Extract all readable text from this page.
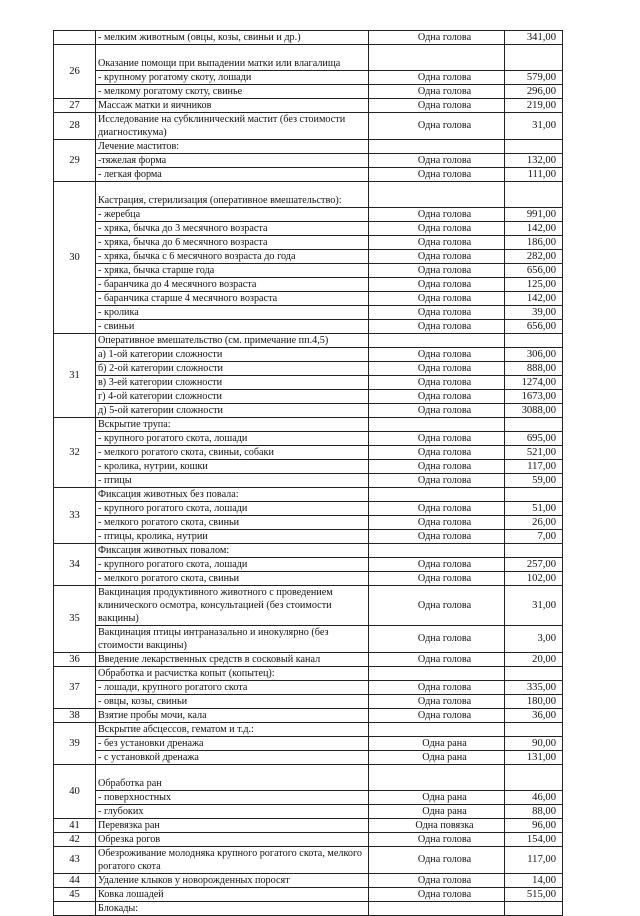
	- мелким животным (овцы, козы, свиньи и др.)	Одна голова	341,00
26	Оказание помощи при выпадении матки или влагалища		
	- крупному рогатому скоту, лошади	Одна голова	579,00
	- мелкому рогатому скоту, свинье	Одна голова	296,00
27	Массаж матки и яичников	Одна голова	219,00
28	Исследование на субклинический мастит (без стоимости диагностикума)	Одна голова	31,00
29	Лечение маститов:		
	-тяжелая форма	Одна голова	132,00
	- легкая форма	Одна голова	111,00
30	Кастрация, стерилизация (оперативное вмешательство):		
	- жеребца	Одна голова	991,00
	- хряка, бычка до 3 месячного возраста	Одна голова	142,00
	- хряка, бычка до 6 месячного возраста	Одна голова	186,00
	- хряка, бычка с 6 месячного возраста до года	Одна голова	282,00
	- хряка, бычка старше года	Одна голова	656,00
	- баранчика до 4 месячного возраста	Одна голова	125,00
	- баранчика старше 4 месячного возраста	Одна голова	142,00
	- кролика	Одна голова	39,00
	- свиньи	Одна голова	656,00
31	Оперативное вмешательство (см. примечание пп.4,5)		
	а) 1-ой категории сложности	Одна голова	306,00
	б) 2-ой категории сложности	Одна голова	888,00
	в) 3-ей категории сложности	Одна голова	1274,00
	г) 4-ой категории сложности	Одна голова	1673,00
	д) 5-ой категории сложности	Одна голова	3088,00
32	Вскрытие трупа:		
	- крупного рогатого скота, лошади	Одна голова	695,00
	- мелкого рогатого скота, свиньи, собаки	Одна голова	521,00
	- кролика, нутрии, кошки	Одна голова	117,00
	- птицы	Одна голова	59,00
33	Фиксация животных без повала:		
	- крупного рогатого скота, лошади	Одна голова	51,00
	- мелкого рогатого скота, свиньи	Одна голова	26,00
	- птицы, кролика, нутрии	Одна голова	7,00
34	Фиксация животных повалом:		
	- крупного рогатого скота, лошади	Одна голова	257,00
	- мелкого рогатого скота, свиньи	Одна голова	102,00
35	Вакцинация продуктивного животного с проведением клинического осмотра, консультацией (без стоимости вакцины)	Одна голова	31,00
	Вакцинация птицы интраназально и инокулярно (без стоимости вакцины)	Одна голова	3,00
36	Введение лекарственных средств в сосковый канал	Одна голова	20,00
37	Обработка и расчистка копыт (копытец):		
	- лошади, крупного рогатого скота	Одна голова	335,00
	- овцы, козы, свиньи	Одна голова	180,00
38	Взятие пробы мочи, кала	Одна голова	36,00
39	Вскрытие абсцессов, гематом и т.д.:		
	- без установки дренажа	Одна рана	90,00
	- с установкой дренажа	Одна рана	131,00
40	Обработка ран		
	- поверхностных	Одна рана	46,00
	- глубоких	Одна рана	88,00
41	Перевязка ран	Одна повязка	96,00
42	Обрезка рогов	Одна голова	154,00
43	Обезроживание молодняка крупного рогатого скота, мелкого рогатого скота	Одна голова	117,00
44	Удаление клыков у новорожденных поросят	Одна голова	14,00
45	Ковка лошадей	Одна голова	515,00
	Блокады:		
